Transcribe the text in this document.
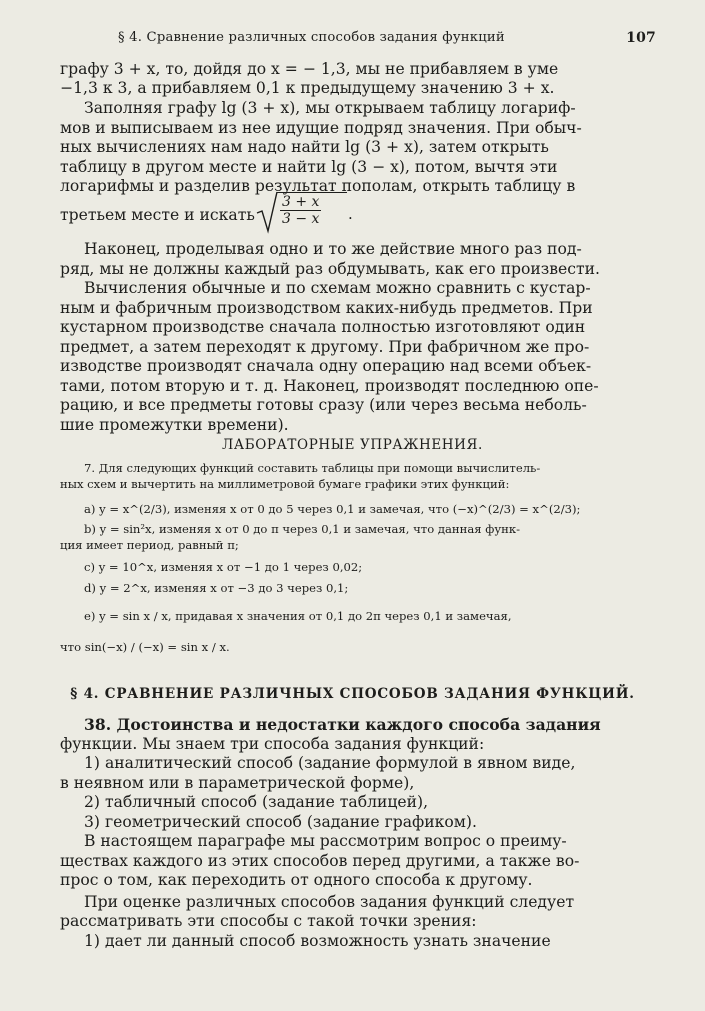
§ 4. Сравнение различных способов задания функций	107
графу 3 + x, то, дойдя до x = − 1,3, мы не прибавляем в уме
−1,3 к 3, а прибавляем 0,1 к предыдущему значению 3 + x.
Заполняя графу lg (3 + x), мы открываем таблицу логариф-
мов и выписываем из нее идущие подряд значения. При обыч-
ных вычислениях нам надо найти lg (3 + x), затем открыть
таблицу в другом месте и найти lg (3 − x), потом, вычтя эти
логарифмы и разделив результат пополам, открыть таблицу в
третьем месте и искать	$\frac{3 + x}{3 - x}$ .
Наконец, проделывая одно и то же действие много раз под-
ряд, мы не должны каждый раз обдумывать, как его произвести.
Вычисления обычные и по схемам можно сравнить с кустар-
ным и фабричным производством каких-нибудь предметов. При
кустарном производстве сначала полностью изготовляют один
предмет, а затем переходят к другому. При фабричном же про-
изводстве производят сначала одну операцию над всеми объек-
тами, потом вторую и т. д. Наконец, производят последнюю опе-
рацию, и все предметы готовы сразу (или через весьма неболь-
шие промежутки времени).
ЛАБОРАТОРНЫЕ УПРАЖНЕНИЯ.
7. Для следующих функций составить таблицы при помощи вычислитель-
ных схем и вычертить на миллиметровой бумаге графики этих функций:
a) y = x^(2/3), изменяя x от 0 до 5 через 0,1 и замечая, что (−x)^(2/3) = x^(2/3);
b) y = sin²x, изменяя x от 0 до π через 0,1 и замечая, что данная функ-
ция имеет период, равный π;
c) y = 10^x, изменяя x от −1 до 1 через 0,02;
d) y = 2^x, изменяя x от −3 до 3 через 0,1;
e) y = sin x / x, придавая x значения от 0,1 до 2π через 0,1 и замечая,
что sin(−x) / (−x) = sin x / x.
§ 4. СРАВНЕНИЕ РАЗЛИЧНЫХ СПОСОБОВ ЗАДАНИЯ ФУНКЦИЙ.
38. Достоинства и недостатки каждого способа задания
функции. Мы знаем три способа задания функций:
1) аналитический способ (задание формулой в явном виде,
в неявном или в параметрической форме),
2) табличный способ (задание таблицей),
3) геометрический способ (задание графиком).
В настоящем параграфе мы рассмотрим вопрос о преиму-
ществах каждого из этих способов перед другими, а также во-
прос о том, как переходить от одного способа к другому.
При оценке различных способов задания функций следует
рассматривать эти способы с такой точки зрения:
1) дает ли данный способ возможность узнать значение
